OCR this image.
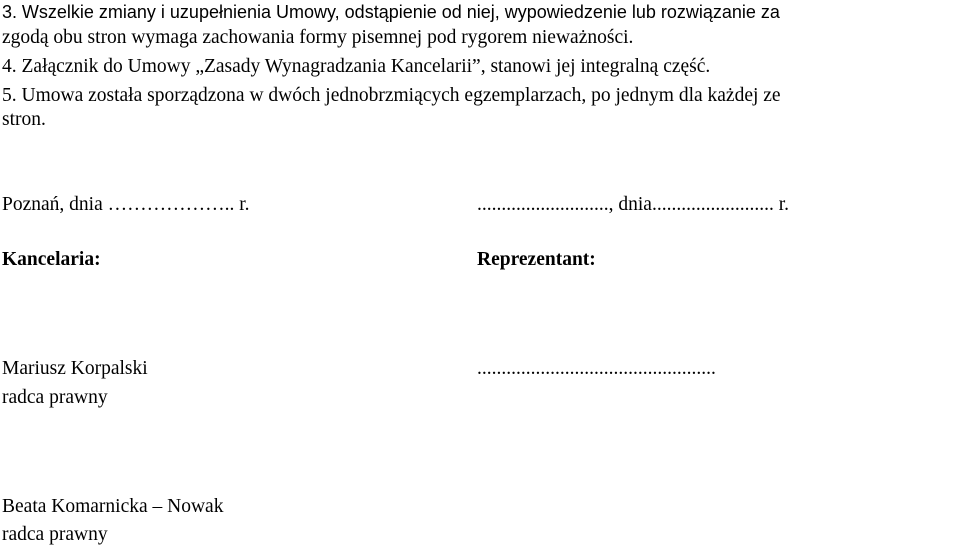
3. Wszelkie zmiany i uzupełnienia Umowy, odstąpienie od niej, wypowiedzenie lub rozwiązanie za
zgodą obu stron wymaga zachowania formy pisemnej pod rygorem nieważności.
4. Załącznik do Umowy „Zasady Wynagradzania Kancelarii”, stanowi jej integralną część.
5. Umowa została sporządzona w dwóch jednobrzmiących egzemplarzach, po jednym dla każdej ze
stron.
Poznań, dnia ……………….. r.	..........................., dnia......................... r.
Kancelaria:	Reprezentant:
Mariusz Korpalski
radca prawny
.................................................
Beata Komarnicka – Nowak
radca prawny
